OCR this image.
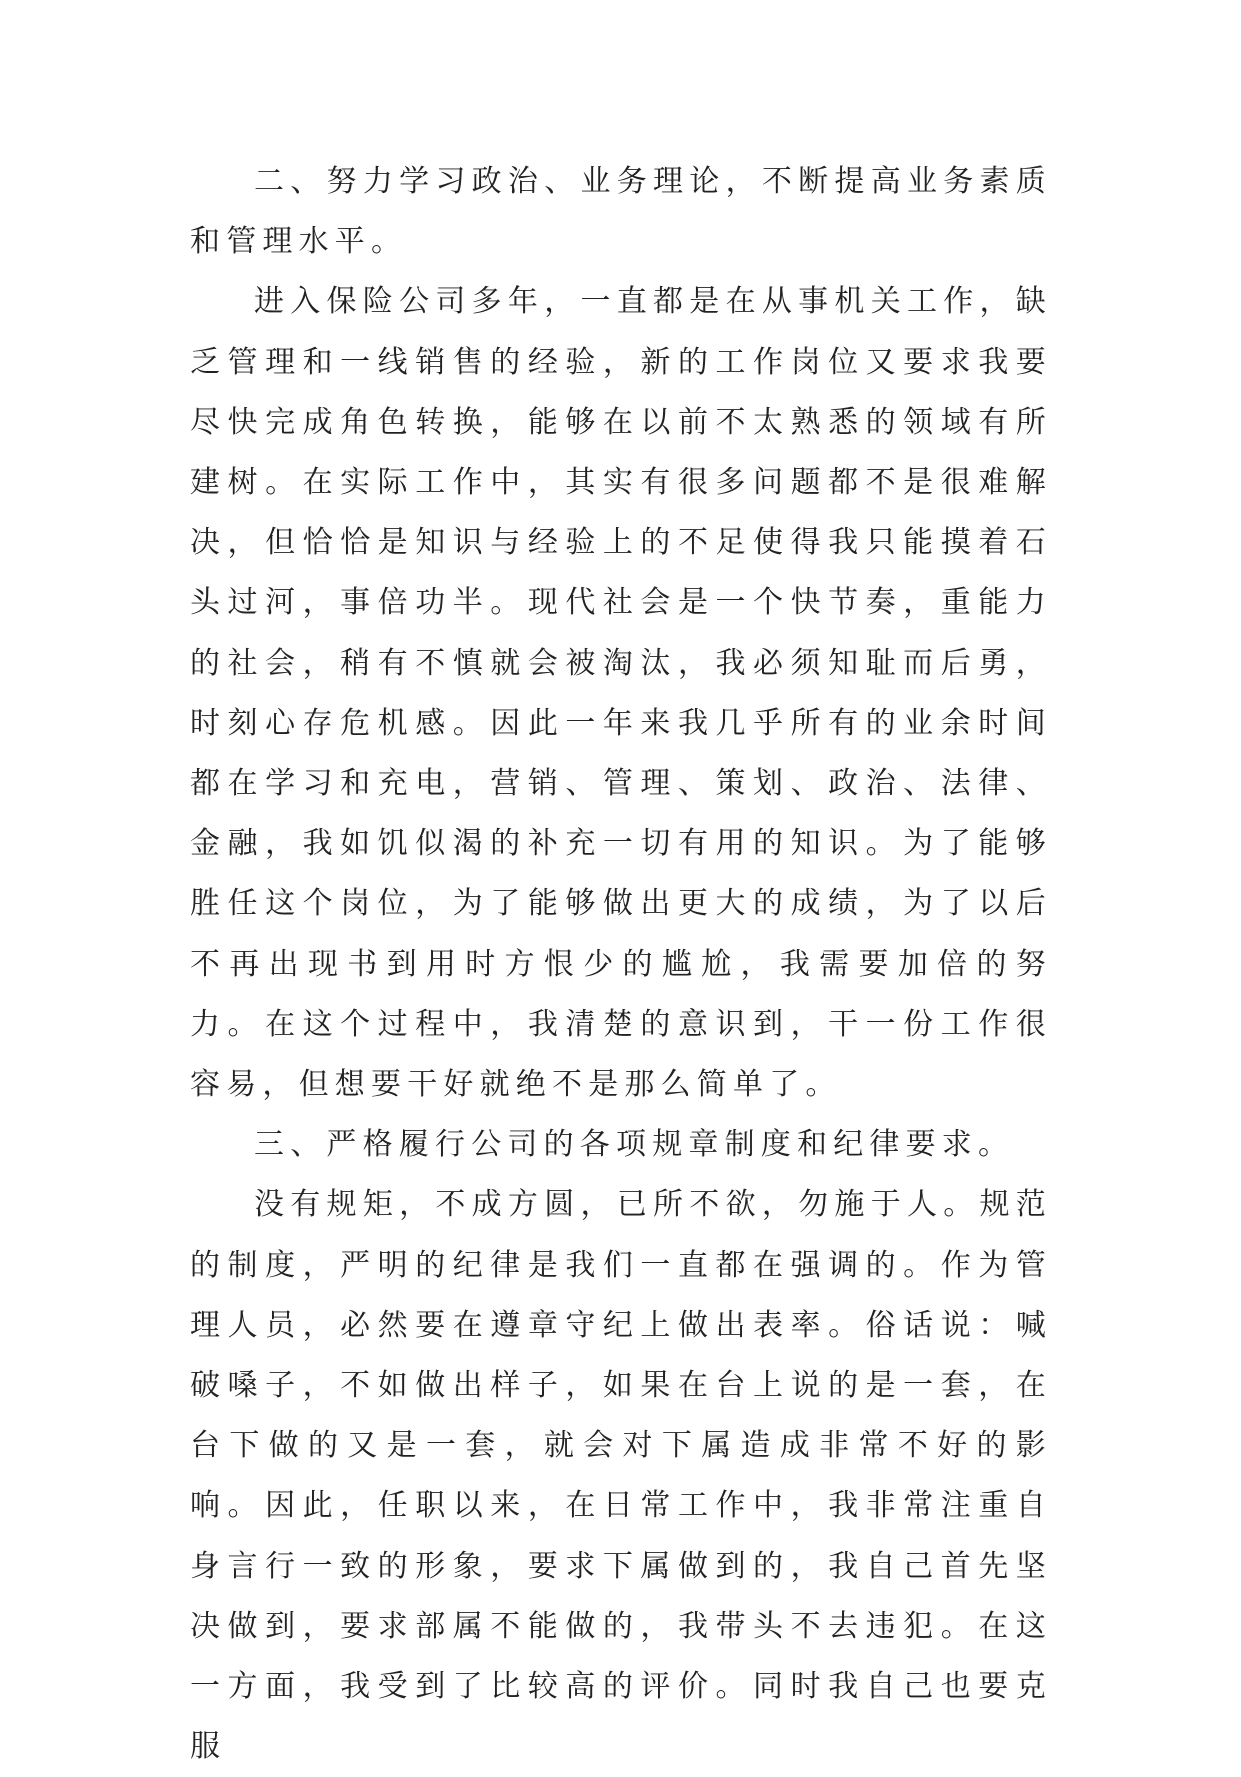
二、努力学习政治、业务理论，不断提高业务素质和管理水平。

进入保险公司多年，一直都是在从事机关工作，缺乏管理和一线销售的经验，新的工作岗位又要求我要尽快完成角色转换，能够在以前不太熟悉的领域有所建树。在实际工作中，其实有很多问题都不是很难解决，但恰恰是知识与经验上的不足使得我只能摸着石头过河，事倍功半。现代社会是一个快节奏，重能力的社会，稍有不慎就会被淘汰，我必须知耻而后勇，时刻心存危机感。因此一年来我几乎所有的业余时间都在学习和充电，营销、管理、策划、政治、法律、金融，我如饥似渴的补充一切有用的知识。为了能够胜任这个岗位，为了能够做出更大的成绩，为了以后不再出现书到用时方恨少的尴尬，我需要加倍的努力。在这个过程中，我清楚的意识到，干一份工作很容易，但想要干好就绝不是那么简单了。

三、严格履行公司的各项规章制度和纪律要求。

没有规矩，不成方圆，已所不欲，勿施于人。规范的制度，严明的纪律是我们一直都在强调的。作为管理人员，必然要在遵章守纪上做出表率。俗话说：喊破嗓子，不如做出样子，如果在台上说的是一套，在台下做的又是一套，就会对下属造成非常不好的影响。因此，任职以来，在日常工作中，我非常注重自身言行一致的形象，要求下属做到的，我自己首先坚决做到，要求部属不能做的，我带头不去违犯。在这一方面，我受到了比较高的评价。同时我自己也要克服
